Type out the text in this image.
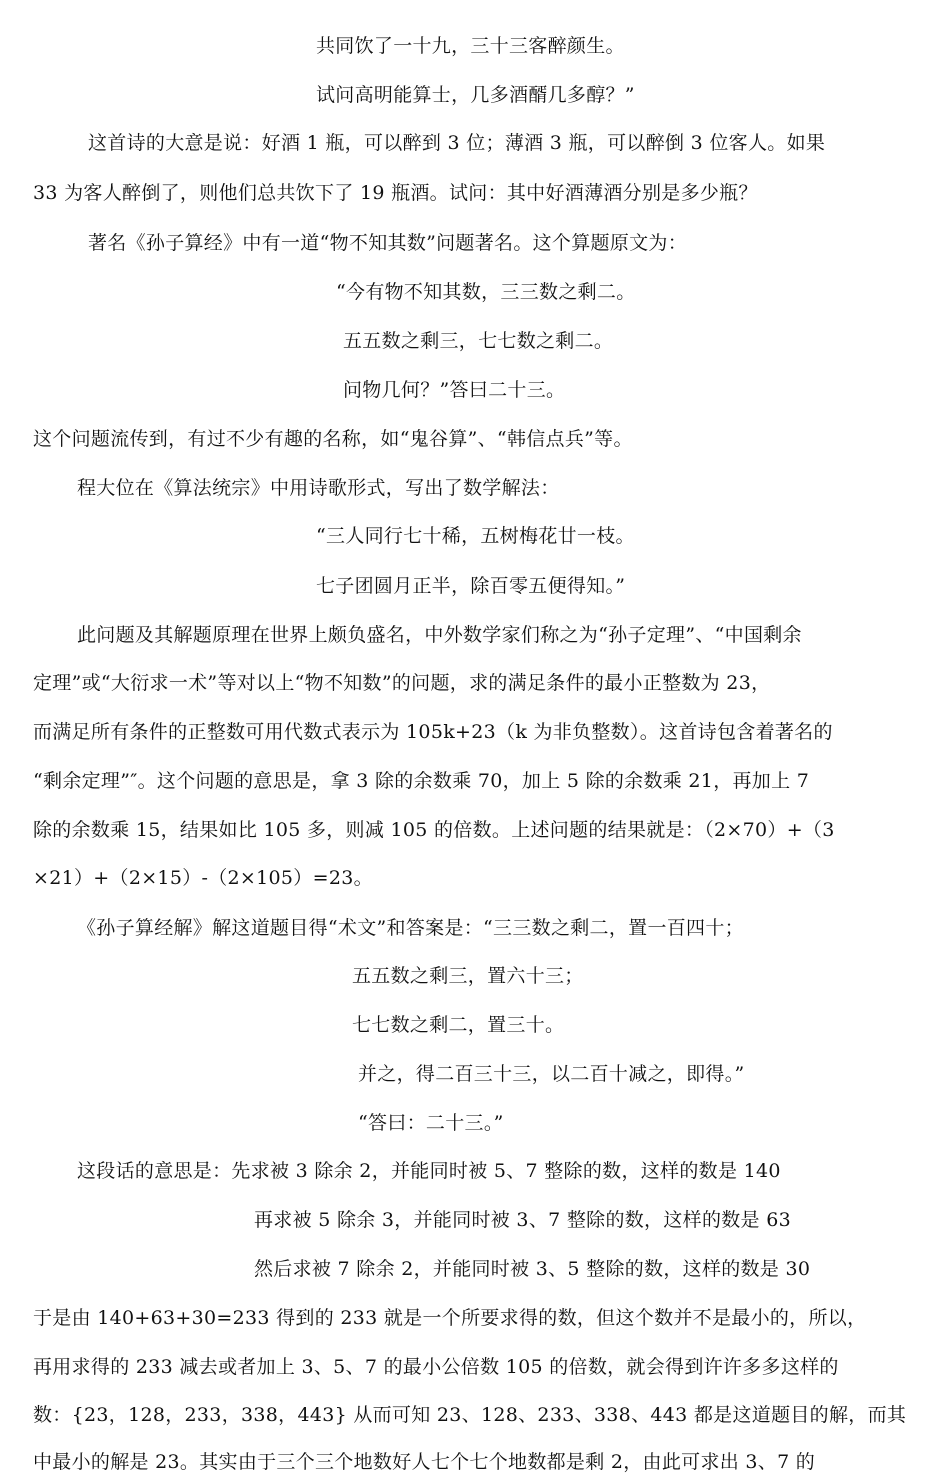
共同饮了一十九，三十三客醉颜生。
试问高明能算士，几多酒醑几多醇？”
这首诗的大意是说：好酒 1 瓶，可以醉到 3 位；薄酒 3 瓶，可以醉倒 3 位客人。如果
33 为客人醉倒了，则他们总共饮下了 19 瓶酒。试问：其中好酒薄酒分别是多少瓶？
著名《孙子算经》中有一道“物不知其数”问题著名。这个算题原文为：
“今有物不知其数，三三数之剩二。
五五数之剩三，七七数之剩二。
问物几何？”答曰二十三。
这个问题流传到，有过不少有趣的名称，如“鬼谷算”、“韩信点兵”等。
程大位在《算法统宗》中用诗歌形式，写出了数学解法：
“三人同行七十稀，五树梅花廿一枝。
七子团圆月正半，除百零五便得知。”
此问题及其解题原理在世界上颇负盛名，中外数学家们称之为“孙子定理”、“中国剩余
定理”或“大衍求一术”等对以上“物不知数”的问题，求的满足条件的最小正整数为 23，
而满足所有条件的正整数可用代数式表示为 105k+23（k 为非负整数）。这首诗包含着著名的
“剩余定理”″。这个问题的意思是，拿 3 除的余数乘 70，加上 5 除的余数乘 21，再加上 7
除的余数乘 15，结果如比 105 多，则减 105 的倍数。上述问题的结果就是：（2×70）+（3
×21）+（2×15）-（2×105）=23。
《孙子算经解》解这道题目得“术文”和答案是：“三三数之剩二，置一百四十；
五五数之剩三，置六十三；
七七数之剩二，置三十。
并之，得二百三十三，以二百十减之，即得。”
“答曰：二十三。”
这段话的意思是：先求被 3 除余 2，并能同时被 5、7 整除的数，这样的数是 140
再求被 5 除余 3，并能同时被 3、7 整除的数，这样的数是 63
然后求被 7 除余 2，并能同时被 3、5 整除的数，这样的数是 30
于是由 140+63+30=233 得到的 233 就是一个所要求得的数，但这个数并不是最小的，所以，
再用求得的 233 减去或者加上 3、5、7 的最小公倍数 105 的倍数，就会得到许许多多这样的
数：{23，128，233，338，443} 从而可知 23、128、233、338、443 都是这道题目的解，而其
中最小的解是 23。其实由于三个三个地数好人七个七个地数都是剩 2，由此可求出 3、7 的
